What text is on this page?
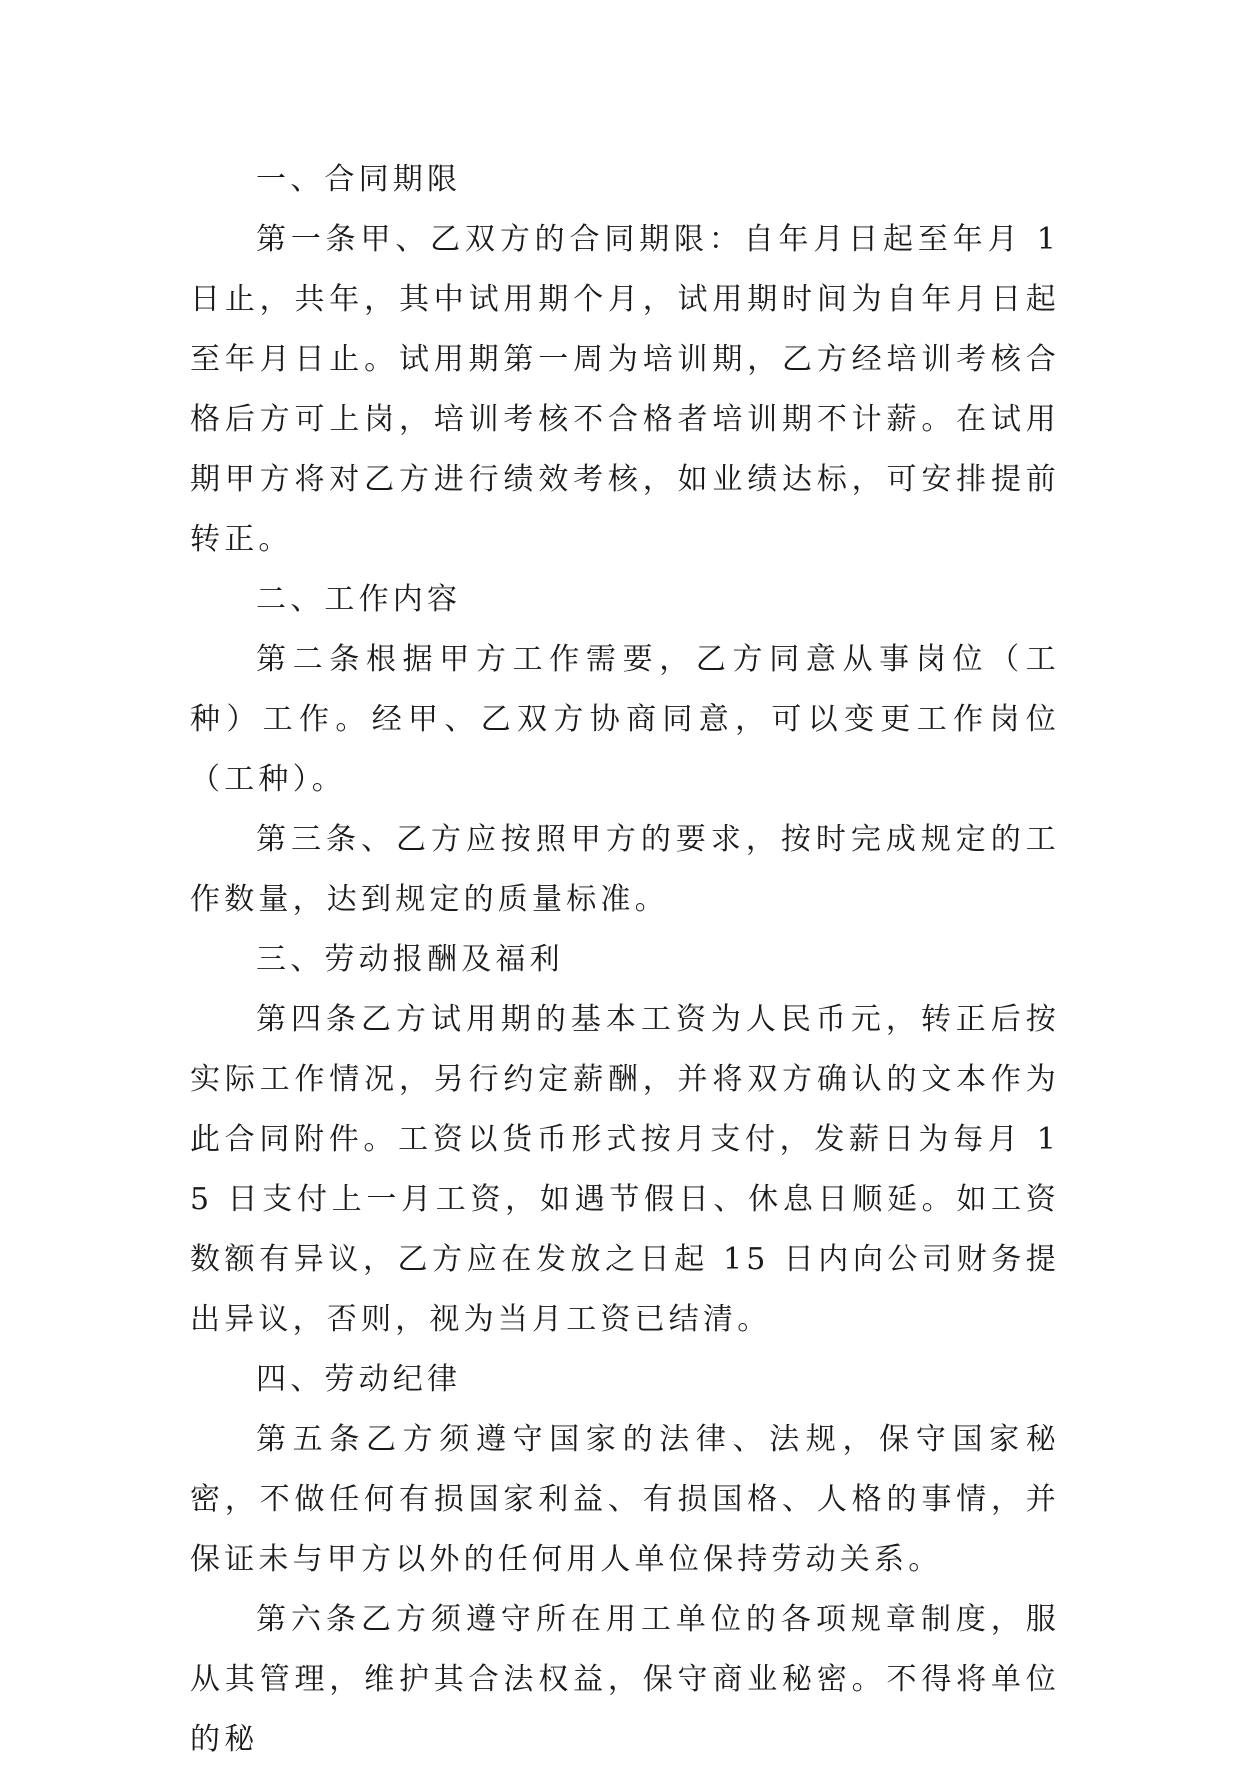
一、合同期限

第一条甲、乙双方的合同期限：自年月日起至年月 1 日止，共年，其中试用期个月，试用期时间为自年月日起至年月日止。试用期第一周为培训期，乙方经培训考核合格后方可上岗，培训考核不合格者培训期不计薪。在试用期甲方将对乙方进行绩效考核，如业绩达标，可安排提前转正。

二、工作内容

第二条根据甲方工作需要，乙方同意从事岗位（工种）工作。经甲、乙双方协商同意，可以变更工作岗位（工种）。

第三条、乙方应按照甲方的要求，按时完成规定的工作数量，达到规定的质量标准。

三、劳动报酬及福利

第四条乙方试用期的基本工资为人民币元，转正后按实际工作情况，另行约定薪酬，并将双方确认的文本作为此合同附件。工资以货币形式按月支付，发薪日为每月 15 日支付上一月工资，如遇节假日、休息日顺延。如工资数额有异议，乙方应在发放之日起 15 日内向公司财务提出异议，否则，视为当月工资已结清。

四、劳动纪律

第五条乙方须遵守国家的法律、法规，保守国家秘密，不做任何有损国家利益、有损国格、人格的事情，并保证未与甲方以外的任何用人单位保持劳动关系。

第六条乙方须遵守所在用工单位的各项规章制度，服从其管理，维护其合法权益，保守商业秘密。不得将单位的秘
